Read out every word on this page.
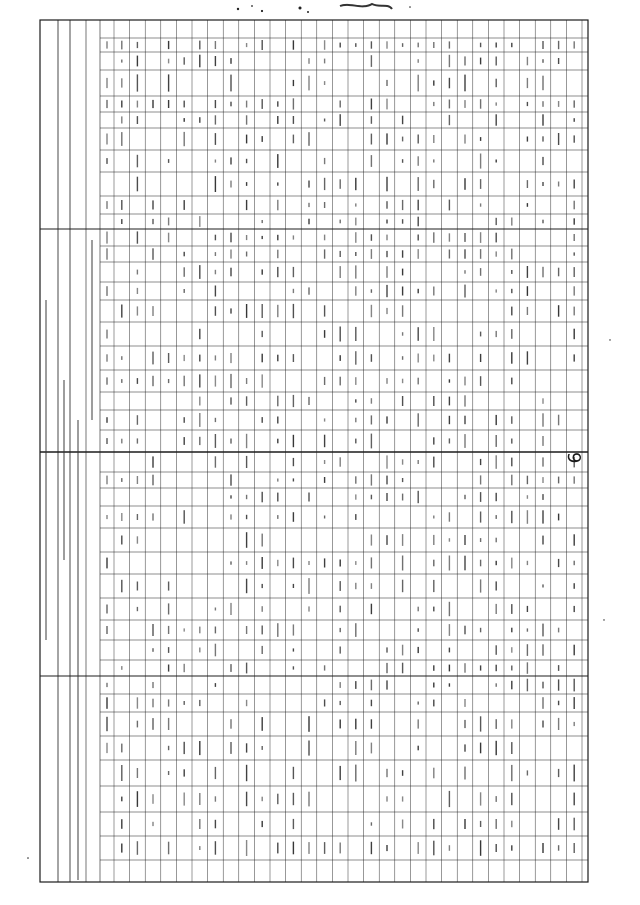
9
